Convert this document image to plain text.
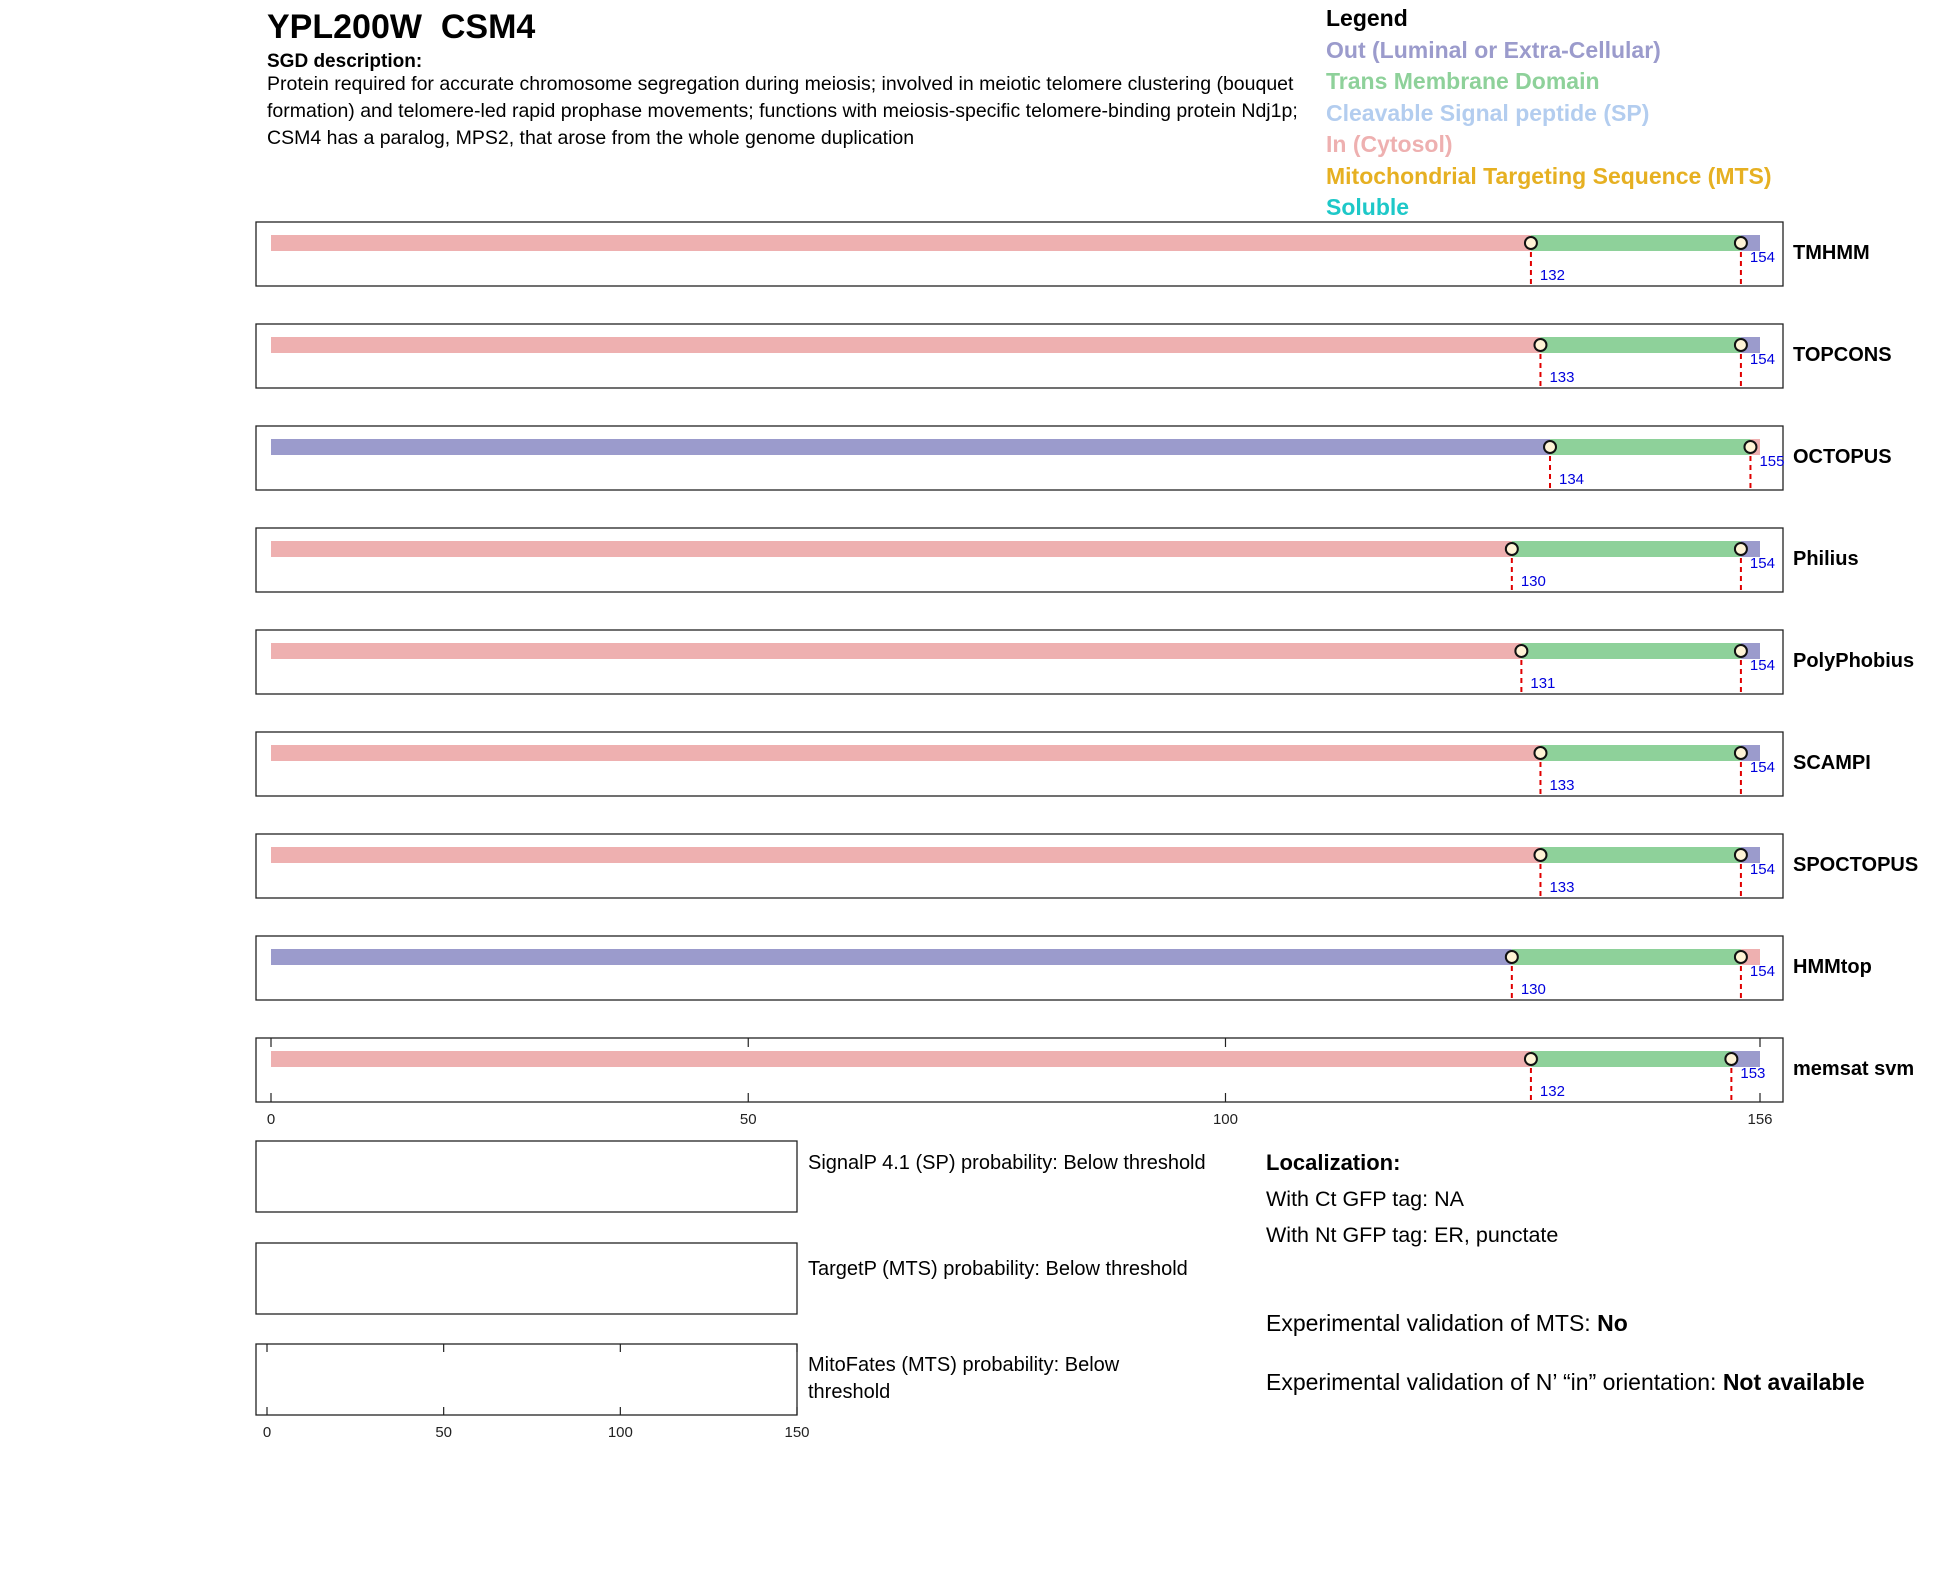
YPL200W  CSM4
SGD description:
Protein required for accurate chromosome segregation during meiosis; involved in meiotic telomere clustering (bouquet formation) and telomere-led rapid prophase movements; functions with meiosis-specific telomere-binding protein Ndj1p; CSM4 has a paralog, MPS2, that arose from the whole genome duplication
Legend
Out (Luminal or Extra-Cellular)
Trans Membrane Domain
Cleavable Signal peptide (SP)
In (Cytosol)
Mitochondrial Targeting Sequence (MTS)
Soluble
132
154 TMHMM
133
154 TOPCONS
134
155 OCTOPUS
130
154 Philius
131
154 PolyPhobius
133
154 SCAMPI
133
154 SPOCTOPUS
130
154 HMMtop
132
153 memsat svm
0	50	100	156
0	50	100	150
SignalP 4.1 (SP) probability: Below threshold
TargetP (MTS) probability: Below threshold
MitoFates (MTS) probability: Below threshold
Localization:
With Ct GFP tag: NA
With Nt GFP tag: ER, punctate
Experimental validation of MTS: No
Experimental validation of N’ “in” orientation: Not available
